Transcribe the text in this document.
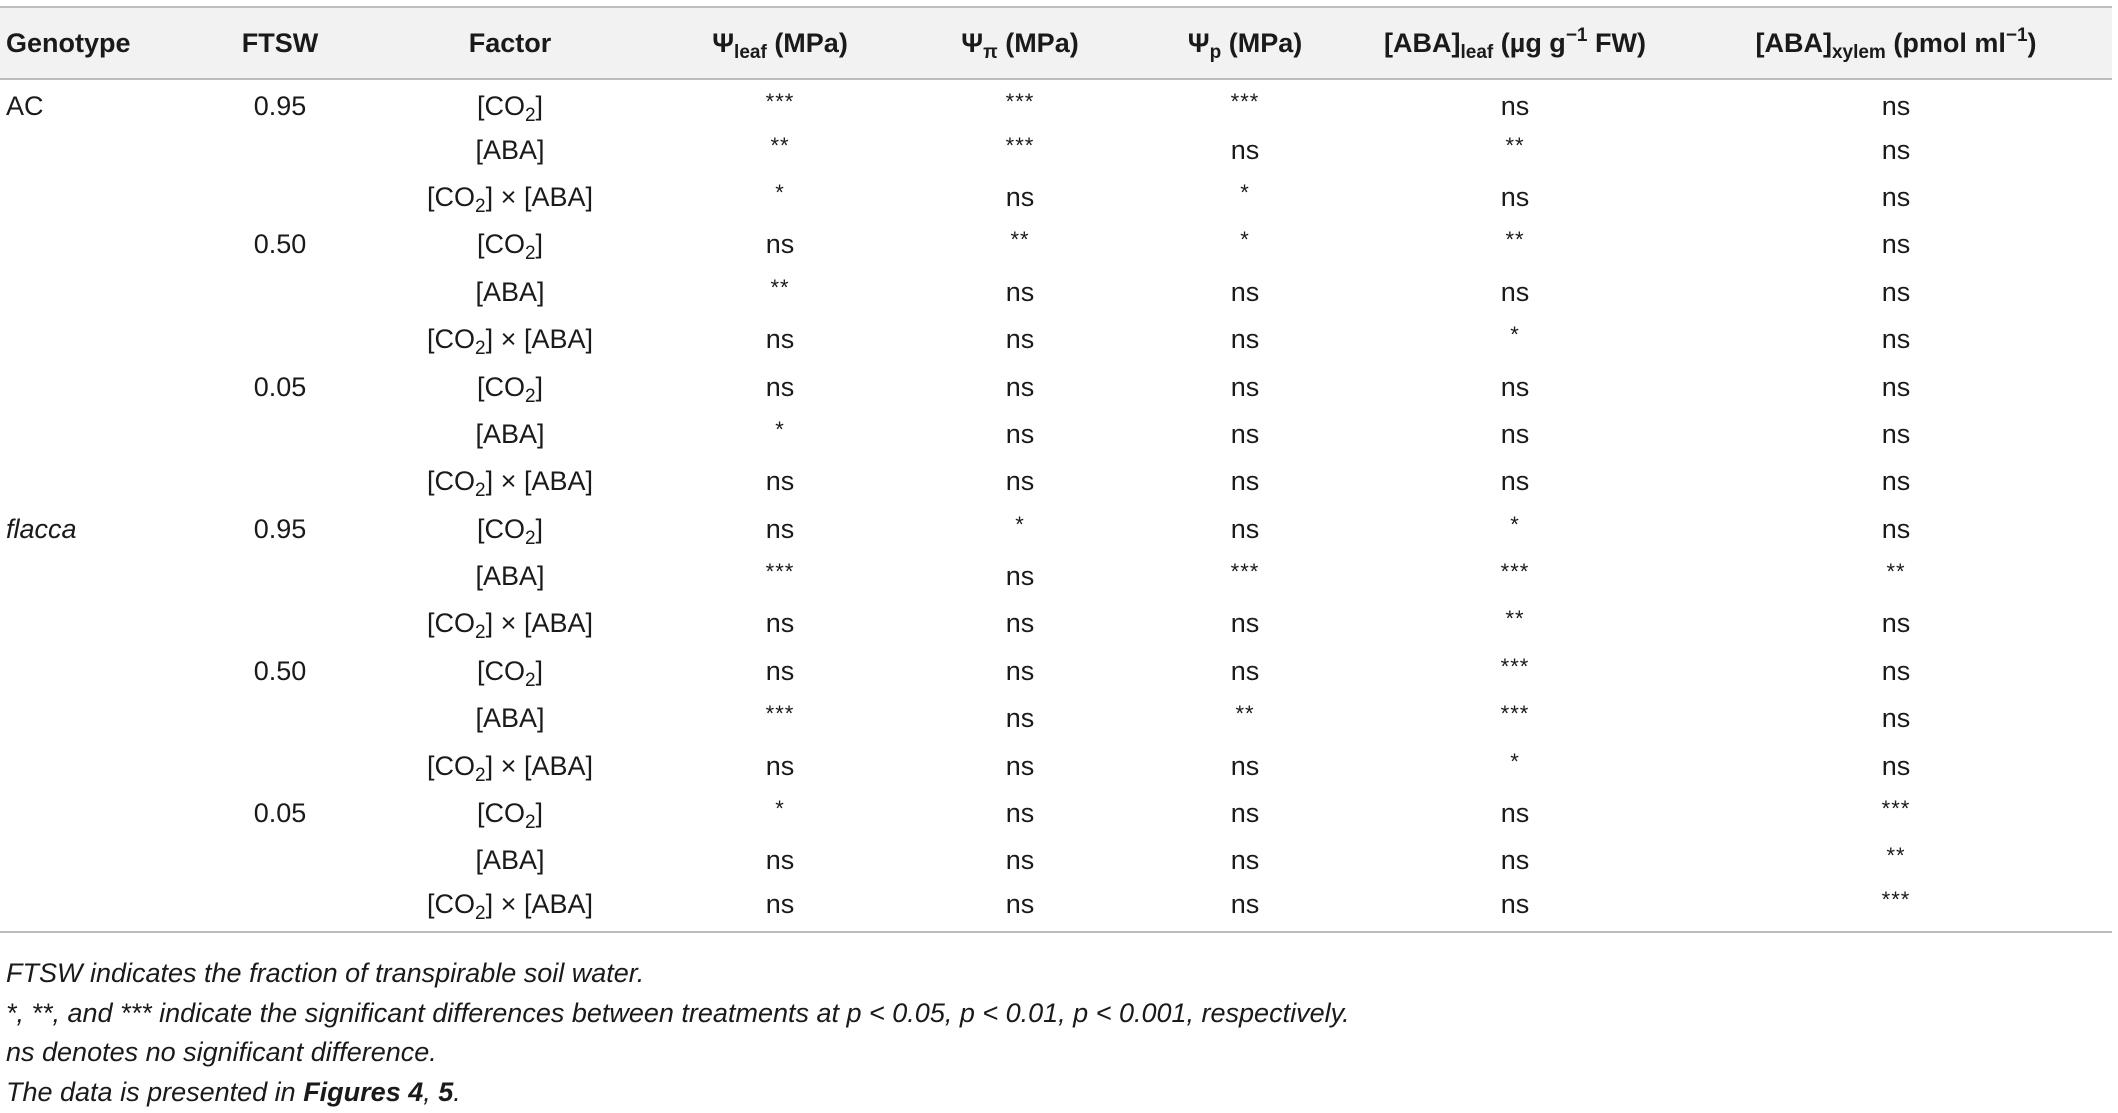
Genotype	FTSW	Factor	$\Psi_{leaf}$ (MPa)	$\Psi_\pi$ (MPa)	$\Psi_p$ (MPa)	$[ABA]_{leaf}$ (µg $g^{-1}$ FW)	$[ABA]_{xylem}$ (pmol $ml^{-1}$)
AC	0.95	$[CO_2]$	***	***	***	ns	ns
		[ABA]	**	***	ns	**	ns
		$[CO_2] \times [ABA]$	*	ns	*	ns	ns
	0.50	$[CO_2]$	ns	**	*	**	ns
		[ABA]	**	ns	ns	ns	ns
		$[CO_2] \times [ABA]$	ns	ns	ns	*	ns
	0.05	$[CO_2]$	ns	ns	ns	ns	ns
		[ABA]	*	ns	ns	ns	ns
		$[CO_2] \times [ABA]$	ns	ns	ns	ns	ns
flacca	0.95	$[CO_2]$	ns	*	ns	*	ns
		[ABA]	***	ns	***	***	**
		$[CO_2] \times [ABA]$	ns	ns	ns	**	ns
	0.50	$[CO_2]$	ns	ns	ns	***	ns
		[ABA]	***	ns	**	***	ns
		$[CO_2] \times [ABA]$	ns	ns	ns	*	ns
	0.05	$[CO_2]$	*	ns	ns	ns	***
		[ABA]	ns	ns	ns	ns	**
		$[CO_2] \times [ABA]$	ns	ns	ns	ns	***
FTSW indicates the fraction of transpirable soil water.
*, **, and *** indicate the significant differences between treatments at p < 0.05, p < 0.01, p < 0.001, respectively.
ns denotes no significant difference.
The data is presented in Figures 4, 5.
